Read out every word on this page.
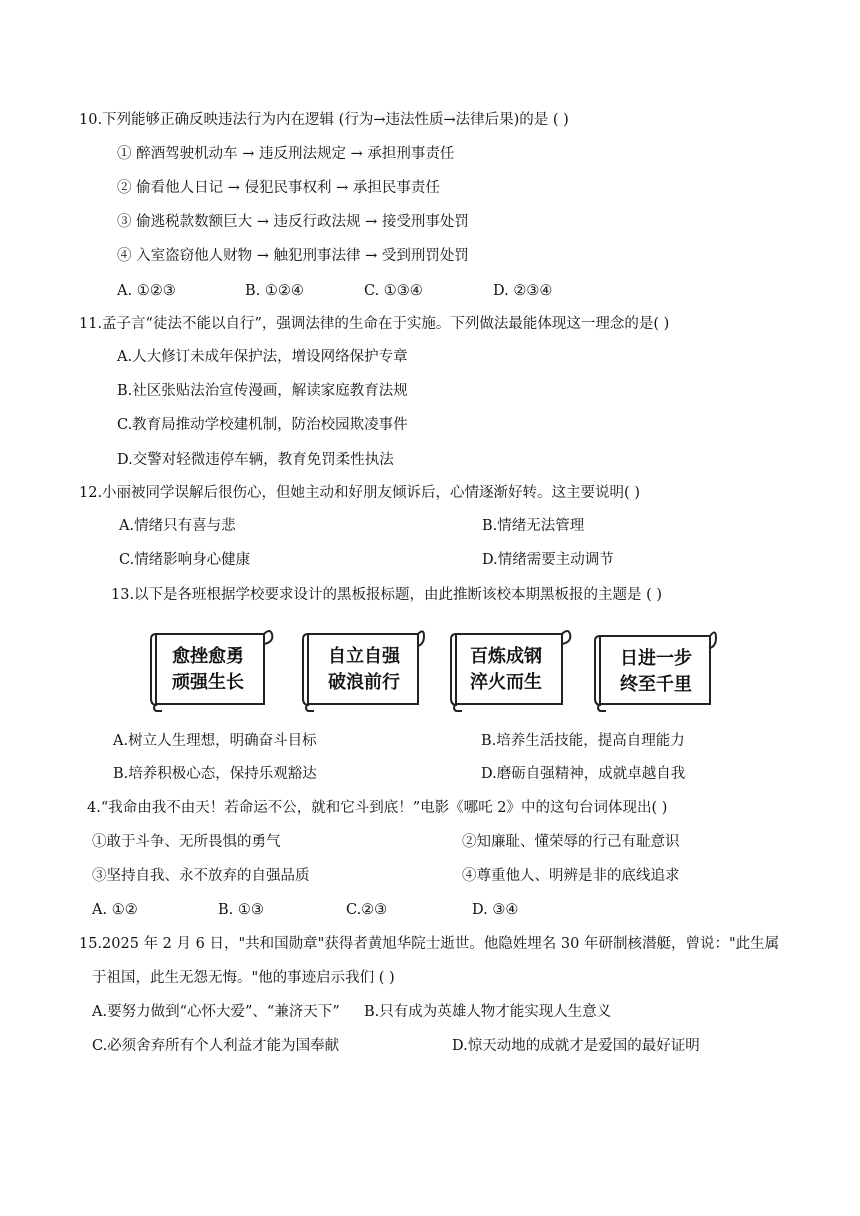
10.下列能够正确反映违法行为内在逻辑 (行为→违法性质→法律后果)的是 ( )
① 醉酒驾驶机动车 → 违反刑法规定 → 承担刑事责任
② 偷看他人日记 → 侵犯民事权利 → 承担民事责任
③ 偷逃税款数额巨大 → 违反行政法规 → 接受刑事处罚
④ 入室盗窃他人财物 → 触犯刑事法律 → 受到刑罚处罚
A. ①②③	B. ①②④	C. ①③④	D. ②③④
11.孟子言“徒法不能以自行”，强调法律的生命在于实施。下列做法最能体现这一理念的是( )
A.人大修订未成年保护法，增设网络保护专章
B.社区张贴法治宣传漫画，解读家庭教育法规
C.教育局推动学校建机制，防治校园欺凌事件
D.交警对轻微违停车辆，教育免罚柔性执法
12.小丽被同学误解后很伤心，但她主动和好朋友倾诉后，心情逐渐好转。这主要说明( )
A.情绪只有喜与悲	B.情绪无法管理
C.情绪影响身心健康	D.情绪需要主动调节
13.以下是各班根据学校要求设计的黑板报标题，由此推断该校本期黑板报的主题是 ( )
愈挫愈勇
顽强生长
自立自强
破浪前行
百炼成钢
淬火而生
日进一步
终至千里
A.树立人生理想，明确奋斗目标	B.培养生活技能，提高自理能力
B.培养积极心态，保持乐观豁达	D.磨砺自强精神，成就卓越自我
4.“我命由我不由天！若命运不公，就和它斗到底！”电影《哪吒 2》中的这句台词体现出( )
①敢于斗争、无所畏惧的勇气	②知廉耻、懂荣辱的行己有耻意识
③坚持自我、永不放弃的自强品质	④尊重他人、明辨是非的底线追求
A. ①②	B. ①③	C.②③	D. ③④
15.2025 年 2 月 6 日，"共和国勋章"获得者黄旭华院士逝世。他隐姓埋名 30 年研制核潜艇，曾说："此生属
于祖国，此生无怨无悔。"他的事迹启示我们 ( )
A.要努力做到“心怀大爱”、“兼济天下” B.只有成为英雄人物才能实现人生意义
C.必须舍弃所有个人利益才能为国奉献	D.惊天动地的成就才是爱国的最好证明
